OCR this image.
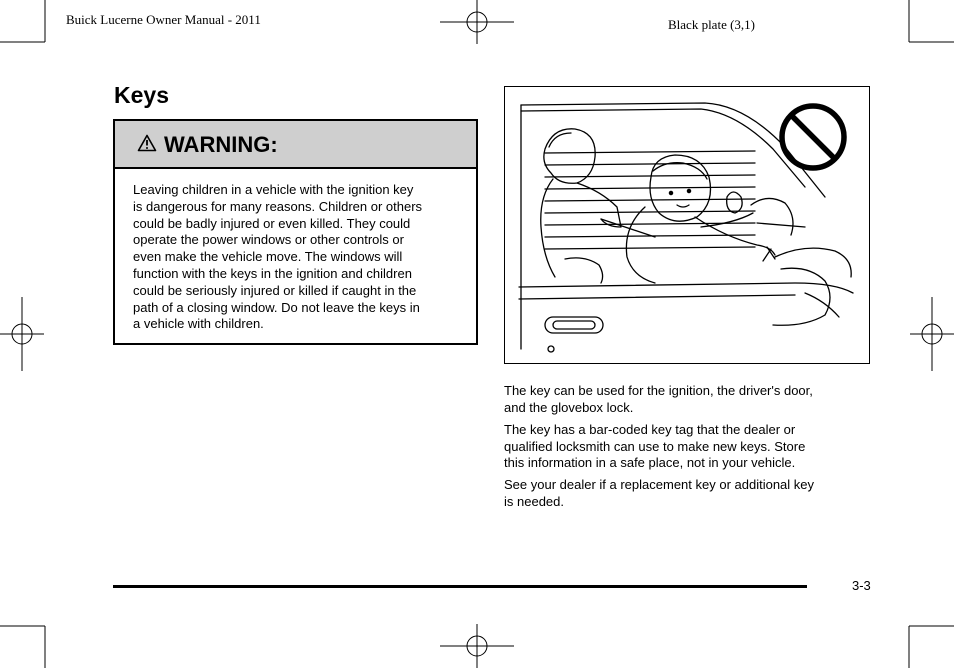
Buick Lucerne Owner Manual - 2011	Black plate (3,1)
Keys
WARNING:
Leaving children in a vehicle with the ignition key
is dangerous for many reasons. Children or others
could be badly injured or even killed. They could
operate the power windows or other controls or
even make the vehicle move. The windows will
function with the keys in the ignition and children
could be seriously injured or killed if caught in the
path of a closing window. Do not leave the keys in
a vehicle with children.
The key can be used for the ignition, the driver's door,
and the glovebox lock.
The key has a bar-coded key tag that the dealer or
qualified locksmith can use to make new keys. Store
this information in a safe place, not in your vehicle.
See your dealer if a replacement key or additional key
is needed.
3-3
